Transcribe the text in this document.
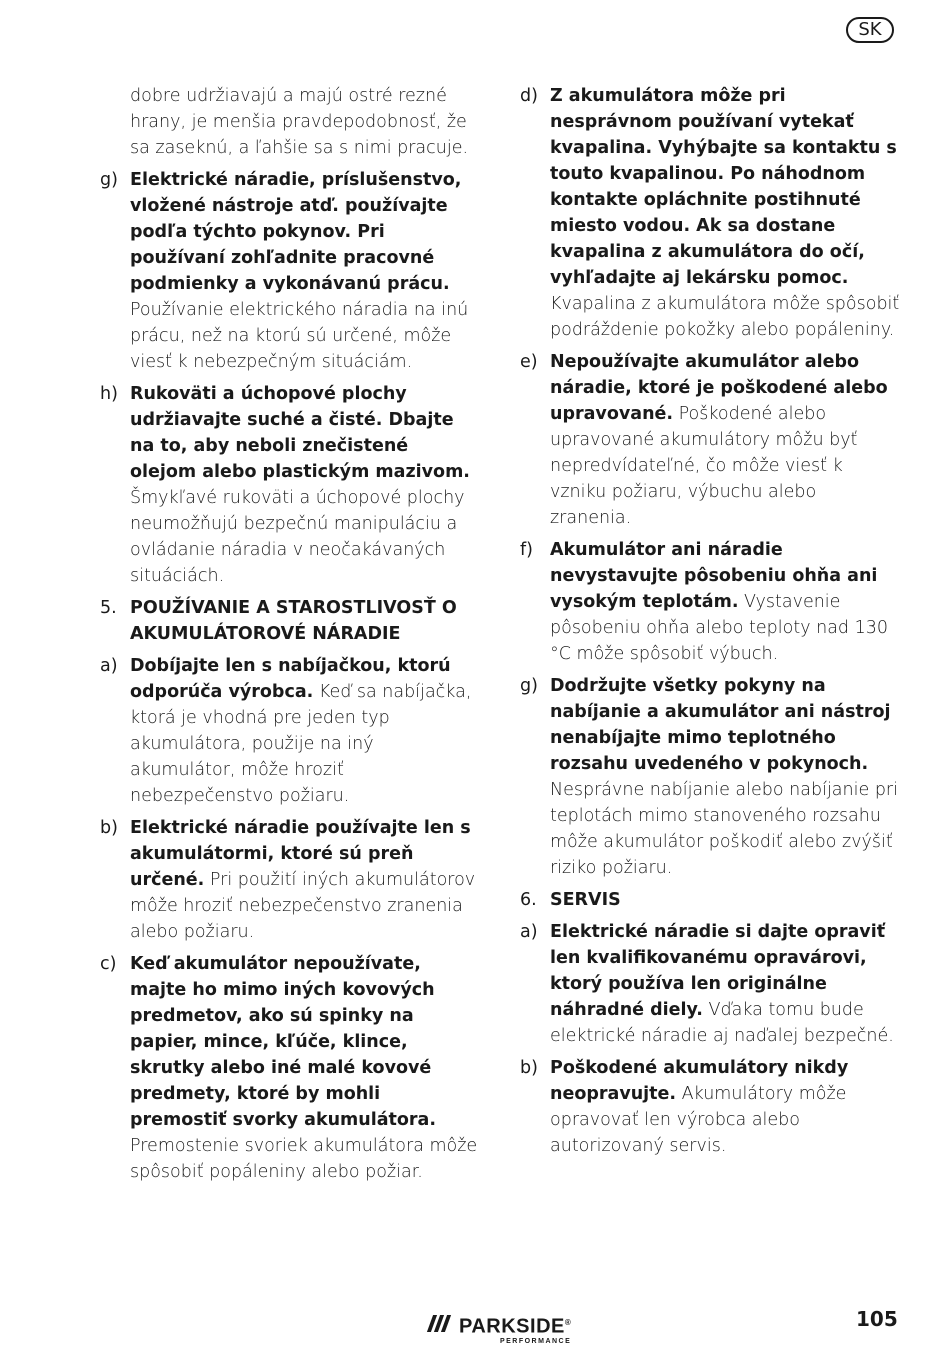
SK
dobre udržiavajú a majú ostré rezné hrany, je menšia pravdepodobnosť, že sa zaseknú, a ľahšie sa s nimi pracuje.
g) Elektrické náradie, príslušenstvo, vložené nástroje atď. používajte podľa týchto pokynov. Pri používaní zohľadnite pracovné podmienky a vykonávanú prácu. Používanie elektrického náradia na inú prácu, než na ktorú sú určené, môže viesť k nebezpečným situáciám.
h) Rukoväti a úchopové plochy udržiavajte suché a čisté. Dbajte na to, aby neboli znečistené olejom alebo plastickým mazivom. Šmykľavé rukoväti a úchopové plochy neumožňujú bezpečnú manipuláciu a ovládanie náradia v neočakávaných situáciách.
5. POUŽÍVANIE A STAROSTLIVOSŤ O AKUMULÁTOROVÉ NÁRADIE
a) Dobíjajte len s nabíjačkou, ktorú odporúča výrobca. Keď sa nabíjačka, ktorá je vhodná pre jeden typ akumulátora, použije na iný akumulátor, môže hroziť nebezpečenstvo požiaru.
b) Elektrické náradie používajte len s akumulátormi, ktoré sú preň určené. Pri použití iných akumulátorov môže hroziť nebezpečenstvo zranenia alebo požiaru.
c) Keď akumulátor nepoužívate, majte ho mimo iných kovových predmetov, ako sú spinky na papier, mince, kľúče, klince, skrutky alebo iné malé kovové predmety, ktoré by mohli premostiť svorky akumulátora. Premostenie svoriek akumulátora môže spôsobiť popáleniny alebo požiar.
d) Z akumulátora môže pri nesprávnom používaní vytekať kvapalina. Vyhýbajte sa kontaktu s touto kvapalinou. Po náhodnom kontakte opláchnite postihnuté miesto vodou. Ak sa dostane kvapalina z akumulátora do očí, vyhľadajte aj lekársku pomoc. Kvapalina z akumulátora môže spôsobiť podráždenie pokožky alebo popáleniny.
e) Nepoužívajte akumulátor alebo náradie, ktoré je poškodené alebo upravované. Poškodené alebo upravované akumulátory môžu byť nepredvídateľné, čo môže viesť k vzniku požiaru, výbuchu alebo zranenia.
f) Akumulátor ani náradie nevystavujte pôsobeniu ohňa ani vysokým teplotám. Vystavenie pôsobeniu ohňa alebo teploty nad 130 °C môže spôsobiť výbuch.
g) Dodržujte všetky pokyny na nabíjanie a akumulátor ani nástroj nenabíjajte mimo teplotného rozsahu uvedeného v pokynoch. Nesprávne nabíjanie alebo nabíjanie pri teplotách mimo stanoveného rozsahu môže akumulátor poškodiť alebo zvýšiť riziko požiaru.
6. SERVIS
a) Elektrické náradie si dajte opraviť len kvalifikovanému opravárovi, ktorý používa len originálne náhradné diely. Vďaka tomu bude elektrické náradie aj naďalej bezpečné.
b) Poškodené akumulátory nikdy neopravujte. Akumulátory môže opravovať len výrobca alebo autorizovaný servis.
PARKSIDE®
PERFORMANCE
105
